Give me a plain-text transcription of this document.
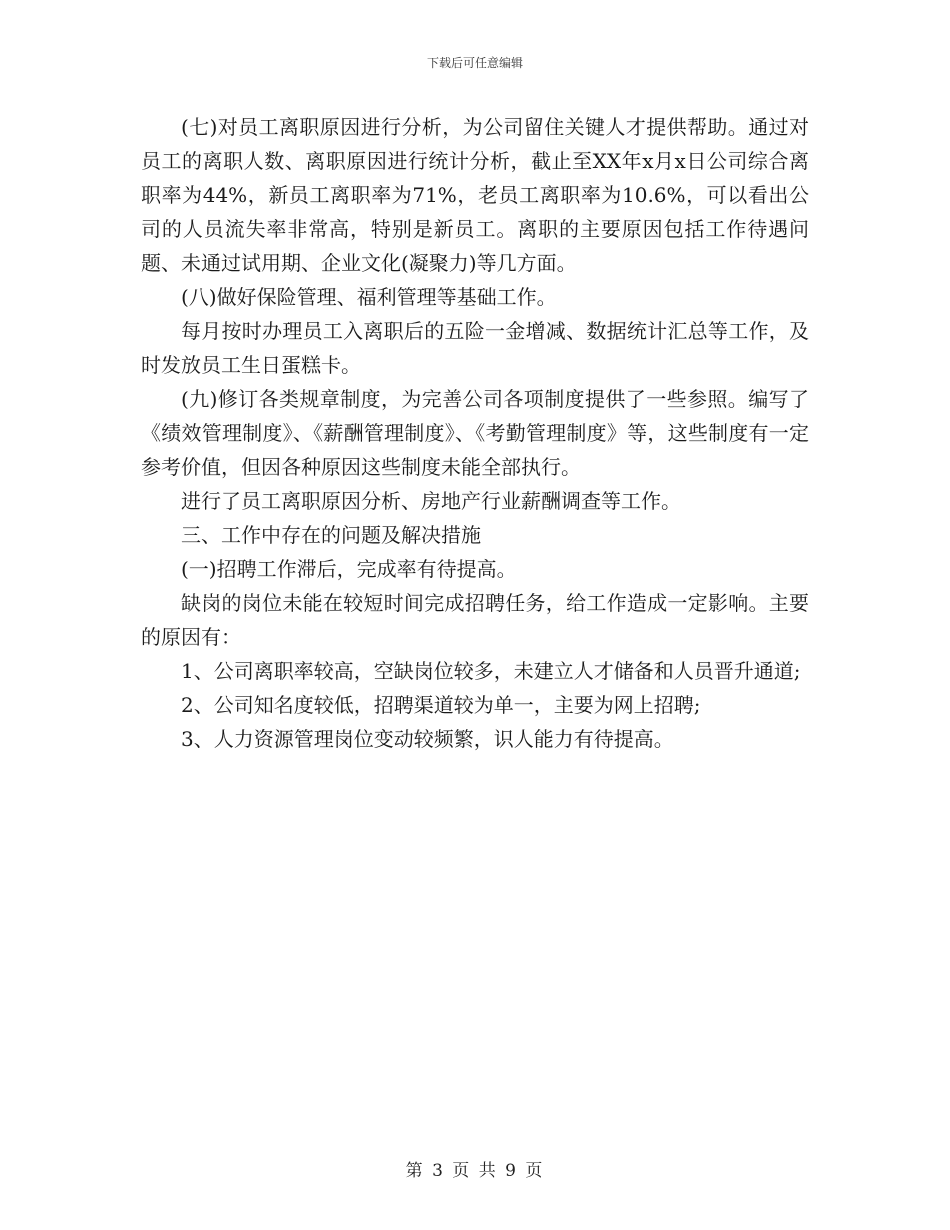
下载后可任意编辑

(七)对员工离职原因进行分析，为公司留住关键人才提供帮助。通过对员工的离职人数、离职原因进行统计分析，截止至XX年x月x日公司综合离职率为44%，新员工离职率为71%，老员工离职率为10.6%，可以看出公司的人员流失率非常高，特别是新员工。离职的主要原因包括工作待遇问题、未通过试用期、企业文化(凝聚力)等几方面。

(八)做好保险管理、福利管理等基础工作。

每月按时办理员工入离职后的五险一金增减、数据统计汇总等工作，及时发放员工生日蛋糕卡。

(九)修订各类规章制度，为完善公司各项制度提供了一些参照。编写了《绩效管理制度》、《薪酬管理制度》、《考勤管理制度》等，这些制度有一定参考价值，但因各种原因这些制度未能全部执行。

进行了员工离职原因分析、房地产行业薪酬调查等工作。

三、工作中存在的问题及解决措施

(一)招聘工作滞后，完成率有待提高。

缺岗的岗位未能在较短时间完成招聘任务，给工作造成一定影响。主要的原因有：

1、公司离职率较高，空缺岗位较多，未建立人才储备和人员晋升通道;

2、公司知名度较低，招聘渠道较为单一，主要为网上招聘;

3、人力资源管理岗位变动较频繁，识人能力有待提高。

第 3 页 共 9 页
